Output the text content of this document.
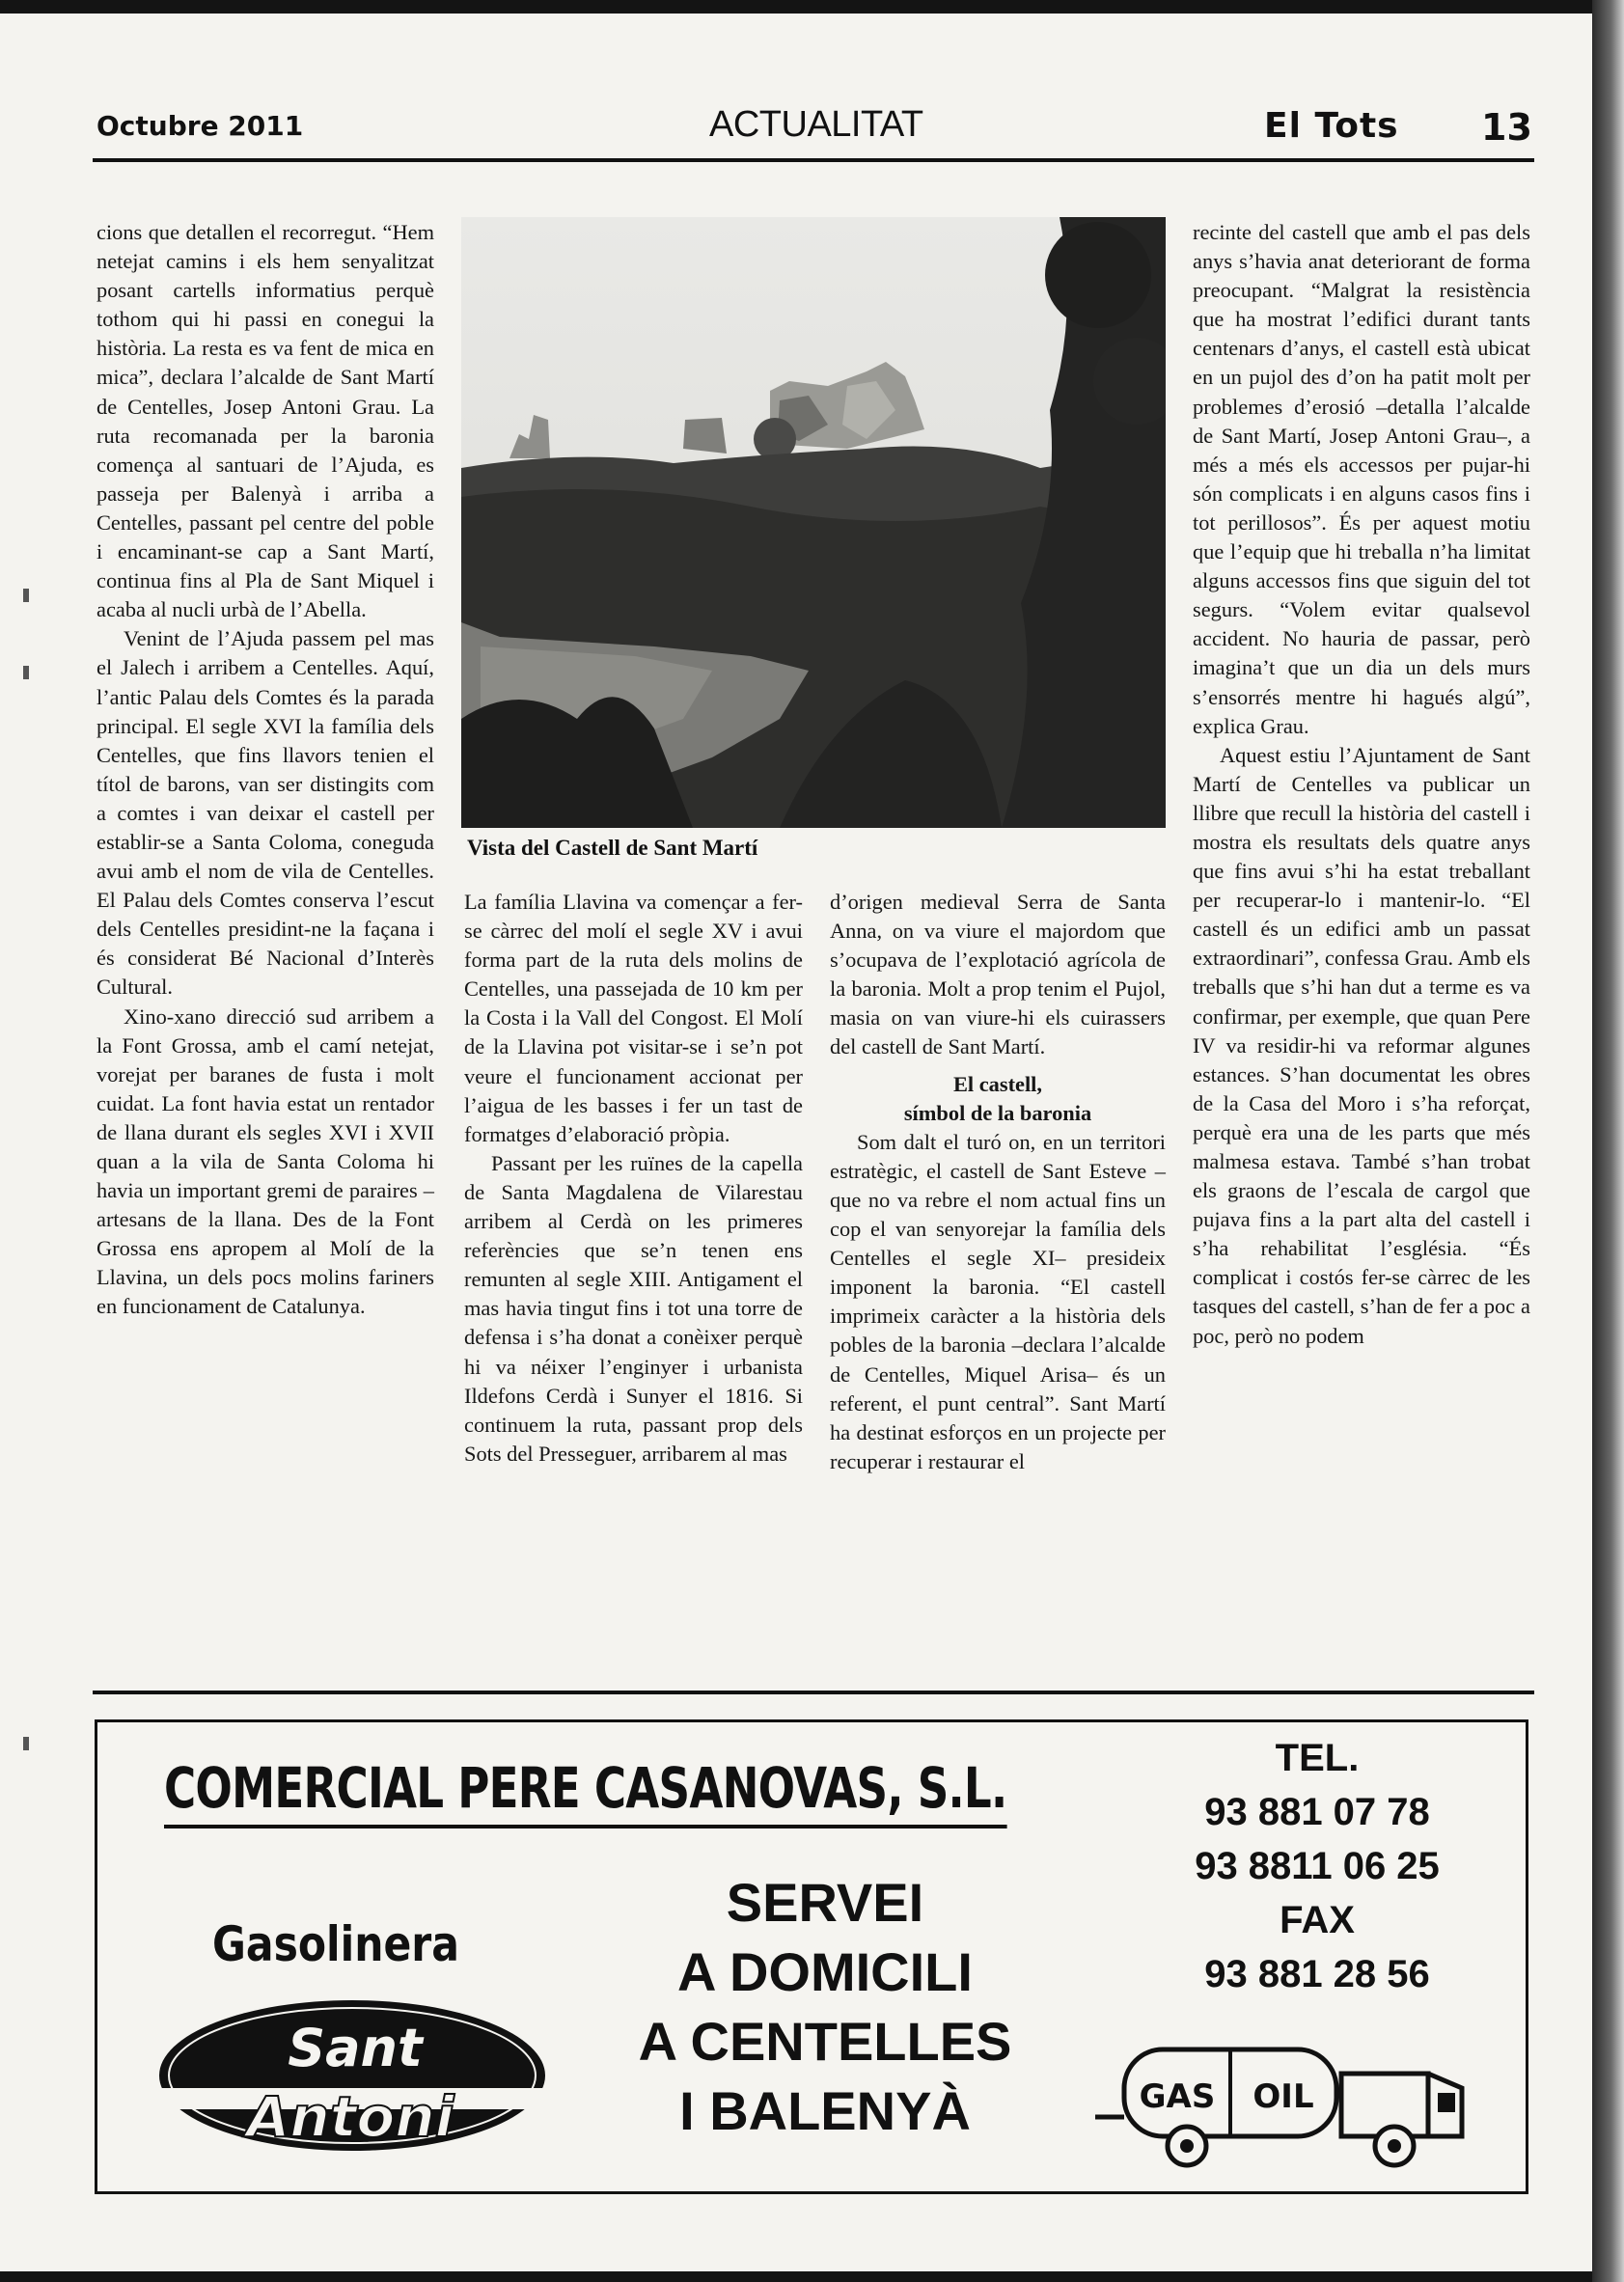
Octubre 2011	ACTUALITAT	El Tots 13

cions que detallen el recorregut. “Hem netejat camins i els hem senyalitzat posant cartells informatius perquè tothom qui hi passi en conegui la història. La resta es va fent de mica en mica”, declara l’alcalde de Sant Martí de Centelles, Josep Antoni Grau. La ruta recomanada per la baronia comença al santuari de l’Ajuda, es passeja per Balenyà i arriba a Centelles, passant pel centre del poble i encaminant-se cap a Sant Martí, continua fins al Pla de Sant Miquel i acaba al nucli urbà de l’Abella.

Venint de l’Ajuda passem pel mas el Jalech i arribem a Centelles. Aquí, l’antic Palau dels Comtes és la parada principal. El segle XVI la família dels Centelles, que fins llavors tenien el títol de barons, van ser distingits com a comtes i van deixar el castell per establir-se a Santa Coloma, coneguda avui amb el nom de vila de Centelles. El Palau dels Comtes conserva l’escut dels Centelles presidint-ne la façana i és considerat Bé Nacional d’Interès Cultural.

Xino-xano direcció sud arribem a la Font Grossa, amb el camí netejat, vorejat per baranes de fusta i molt cuidat. La font havia estat un rentador de llana durant els segles XVI i XVII quan a la vila de Santa Coloma hi havia un important gremi de paraires –artesans de la llana. Des de la Font Grossa ens apropem al Molí de la Llavina, un dels pocs molins fariners en funcionament de Catalunya.

Vista del Castell de Sant Martí

La família Llavina va començar a fer-se càrrec del molí el segle XV i avui forma part de la ruta dels molins de Centelles, una passejada de 10 km per la Costa i la Vall del Congost. El Molí de la Llavina pot visitar-se i se’n pot veure el funcionament accionat per l’aigua de les basses i fer un tast de formatges d’elaboració pròpia.

Passant per les ruïnes de la capella de Santa Magdalena de Vilarestau arribem al Cerdà on les primeres referències que se’n tenen ens remunten al segle XIII. Antigament el mas havia tingut fins i tot una torre de defensa i s’ha donat a conèixer perquè hi va néixer l’enginyer i urbanista Ildefons Cerdà i Sunyer el 1816. Si continuem la ruta, passant prop dels Sots del Presseguer, arribarem al mas

d’origen medieval Serra de Santa Anna, on va viure el majordom que s’ocupava de l’explotació agrícola de la baronia. Molt a prop tenim el Pujol, masia on van viure-hi els cuirassers del castell de Sant Martí.

El castell,
símbol de la baronia

Som dalt el turó on, en un territori estratègic, el castell de Sant Esteve –que no va rebre el nom actual fins un cop el van senyorejar la família dels Centelles el segle XI– presideix imponent la baronia. “El castell imprimeix caràcter a la història dels pobles de la baronia –declara l’alcalde de Centelles, Miquel Arisa– és un referent, el punt central”. Sant Martí ha destinat esforços en un projecte per recuperar i restaurar el

recinte del castell que amb el pas dels anys s’havia anat deteriorant de forma preocupant. “Malgrat la resistència que ha mostrat l’edifici durant tants centenars d’anys, el castell està ubicat en un pujol des d’on ha patit molt per problemes d’erosió –detalla l’alcalde de Sant Martí, Josep Antoni Grau–, a més a més els accessos per pujar-hi són complicats i en alguns casos fins i tot perillosos”. És per aquest motiu que l’equip que hi treballa n’ha limitat alguns accessos fins que siguin del tot segurs. “Volem evitar qualsevol accident. No hauria de passar, però imagina’t que un dia un dels murs s’ensorrés mentre hi hagués algú”, explica Grau.

Aquest estiu l’Ajuntament de Sant Martí de Centelles va publicar un llibre que recull la història del castell i mostra els resultats dels quatre anys que fins avui s’hi ha estat treballant per recuperar-lo i mantenir-lo. “El castell és un edifici amb un passat extraordinari”, confessa Grau. Amb els treballs que s’hi han dut a terme es va confirmar, per exemple, que quan Pere IV va residir-hi va reformar algunes estances. S’han documentat les obres de la Casa del Moro i s’ha reforçat, perquè era una de les parts que més malmesa estava. També s’han trobat els graons de l’escala de cargol que pujava fins a la part alta del castell i s’ha rehabilitat l’església. “És complicat i costós fer-se càrrec de les tasques del castell, s’han de fer a poc a poc, però no podem

COMERCIAL PERE CASANOVAS, S.L.
Gasolinera
Sant
Antoni
SERVEI
A DOMICILI
A CENTELLES
I BALENYÀ
TEL.
93 881 07 78
93 8811 06 25
FAX
93 881 28 56
GAS OIL
